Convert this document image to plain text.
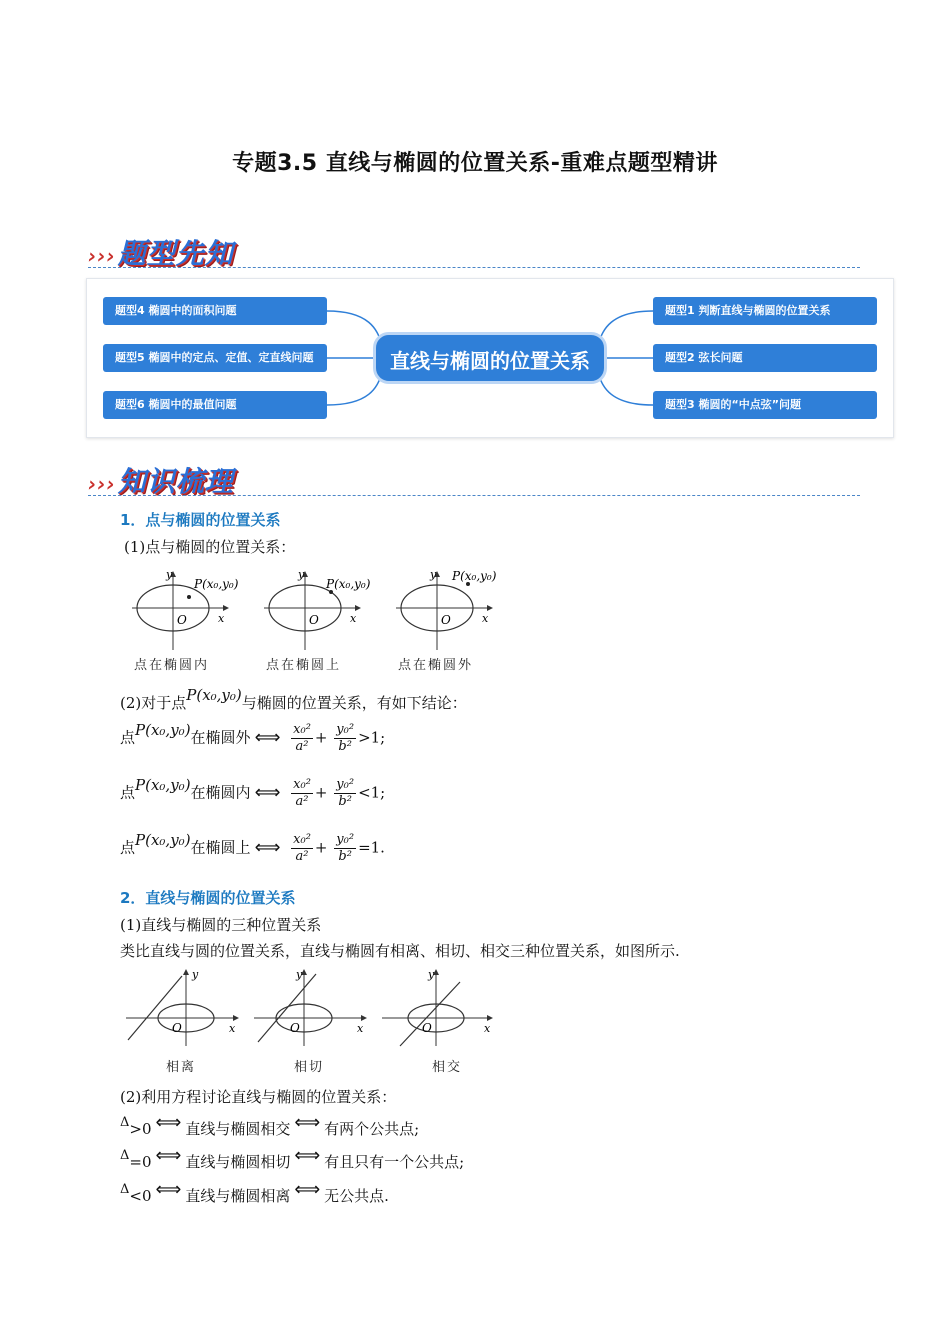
专题3.5 直线与椭圆的位置关系-重难点题型精讲
›››题型先知
题型4 椭圆中的面积问题
题型5 椭圆中的定点、定值、定直线问题
题型6 椭圆中的最值问题
直线与椭圆的位置关系
题型1 判断直线与椭圆的位置关系
题型2 弦长问题
题型3 椭圆的“中点弦”问题
›››知识梳理
1．点与椭圆的位置关系
(1)点与椭圆的位置关系：
y
x
O
P(x₀,y₀)
y
x
O
P(x₀,y₀)
y
x
O
P(x₀,y₀)
点在椭圆内	点在椭圆上	点在椭圆外
(2)对于点P(x₀,y₀)与椭圆的位置关系，有如下结论：
点P(x₀,y₀)在椭圆外 ⟺ $\frac{\text{x₀²}}{\text{a²}} + \frac{\text{y₀²}}{\text{b²}} >1$;
点P(x₀,y₀)在椭圆内 ⟺ $\frac{\text{x₀²}}{\text{a²}} + \frac{\text{y₀²}}{\text{b²}} <1$;
点P(x₀,y₀)在椭圆上 ⟺ $\frac{\text{x₀²}}{\text{a²}} + \frac{\text{y₀²}}{\text{b²}} =1$.
2．直线与椭圆的位置关系
(1)直线与椭圆的三种位置关系
类比直线与圆的位置关系，直线与椭圆有相离、相切、相交三种位置关系，如图所示.
y
x
O
y
x
O
y
x
O
相离	相切	相交
(2)利用方程讨论直线与椭圆的位置关系：
Δ>0 ⟺ 直线与椭圆相交 ⟺ 有两个公共点;
Δ=0 ⟺ 直线与椭圆相切 ⟺ 有且只有一个公共点;
Δ<0 ⟺ 直线与椭圆相离 ⟺ 无公共点.
